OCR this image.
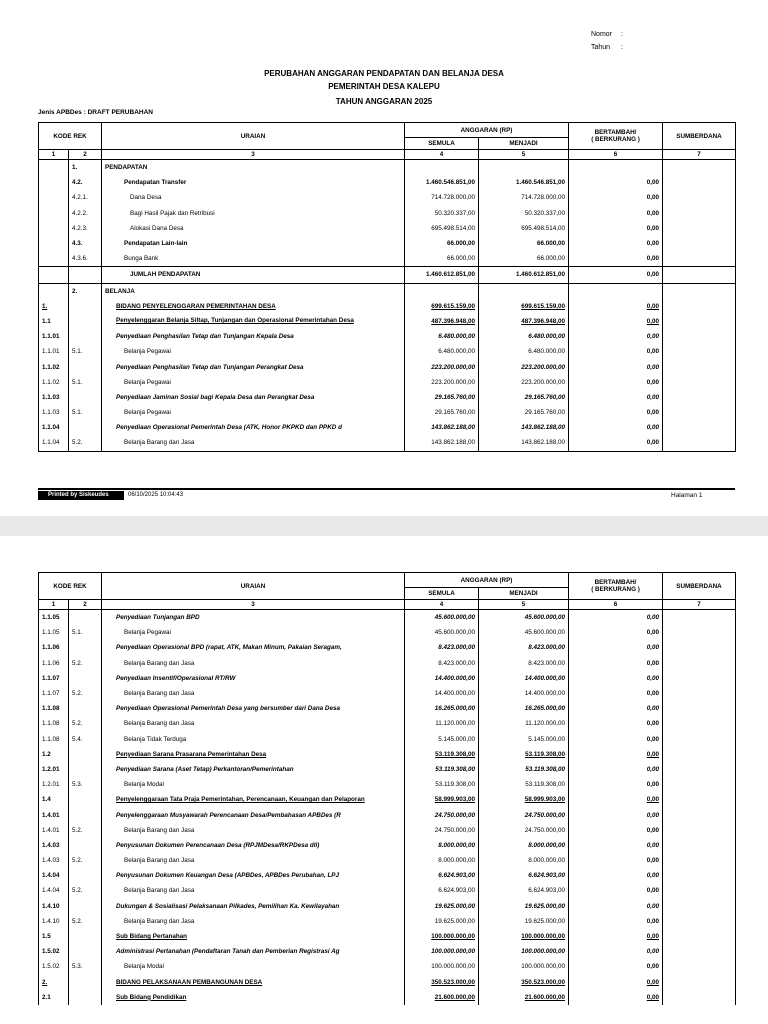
Nomor :
Tahun :
PERUBAHAN ANGGARAN PENDAPATAN DAN BELANJA DESA
PEMERINTAH DESA KALEPU
TAHUN ANGGARAN 2025
Jenis APBDes : DRAFT PERUBAHAN
KODE REK		URAIAN	ANGGARAN (RP)		BERTAMBAH/
( BERKURANG )	SUMBERDANA
			SEMULA	MENJADI		
1	2	3	4	5	6	7
	1.	PENDAPATAN				
	4.2.	Pendapatan Transfer	1.460.546.851,00	1.460.546.851,00	0,00	
	4.2.1.	Dana Desa	714.728.000,00	714.728.000,00	0,00	
	4.2.2.	Bagi Hasil Pajak dan Retribusi	50.320.337,00	50.320.337,00	0,00	
	4.2.3.	Alokasi Dana Desa	695.498.514,00	695.498.514,00	0,00	
	4.3.	Pendapatan Lain-lain	66.000,00	66.000,00	0,00	
	4.3.6.	Bunga Bank	66.000,00	66.000,00	0,00	
		JUMLAH PENDAPATAN	1.460.612.851,00	1.460.612.851,00	0,00	
	2.	BELANJA				
1.		BIDANG PENYELENGGARAN PEMERINTAHAN DESA	699.615.159,00	699.615.159,00	0,00	
1.1		Penyelenggaran Belanja Siltap, Tunjangan dan Operasional Pemerintahan Desa	487.396.948,00	487.396.948,00	0,00	
1.1.01		Penyediaan Penghasilan Tetap dan Tunjangan Kepala Desa	6.480.000,00	6.480.000,00	0,00	
1.1.01	5.1.	Belanja Pegawai	6.480.000,00	6.480.000,00	0,00	
1.1.02		Penyediaan Penghasilan Tetap dan Tunjangan Perangkat Desa	223.200.000,00	223.200.000,00	0,00	
1.1.02	5.1.	Belanja Pegawai	223.200.000,00	223.200.000,00	0,00	
1.1.03		Penyediaan Jaminan Sosial bagi Kepala Desa dan Perangkat Desa	29.165.760,00	29.165.760,00	0,00	
1.1.03	5.1.	Belanja Pegawai	29.165.760,00	29.165.760,00	0,00	
1.1.04		Penyediaan Operasional Pemerintah Desa (ATK, Honor PKPKD dan PPKD d	143.862.188,00	143.862.188,00	0,00	
1.1.04	5.2.	Belanja Barang dan Jasa	143.862.188,00	143.862.188,00	0,00	
Printed by Siskeudes	06/10/2025 10:04:43	Halaman 1
KODE REK		URAIAN	ANGGARAN (RP)		BERTAMBAH/
( BERKURANG )	SUMBERDANA
			SEMULA	MENJADI		
1	2	3	4	5	6	7
1.1.05		Penyediaan Tunjangan BPD	45.600.000,00	45.600.000,00	0,00	
1.1.05	5.1.	Belanja Pegawai	45.600.000,00	45.600.000,00	0,00	
1.1.06		Penyediaan Operasional BPD (rapat, ATK, Makan Minum, Pakaian Seragam,	8.423.000,00	8.423.000,00	0,00	
1.1.06	5.2.	Belanja Barang dan Jasa	8.423.000,00	8.423.000,00	0,00	
1.1.07		Penyediaan Insentif/Operasional RT/RW	14.400.000,00	14.400.000,00	0,00	
1.1.07	5.2.	Belanja Barang dan Jasa	14.400.000,00	14.400.000,00	0,00	
1.1.08		Penyediaan Operasional Pemerintah Desa yang bersumber dari Dana Desa	16.265.000,00	16.265.000,00	0,00	
1.1.08	5.2.	Belanja Barang dan Jasa	11.120.000,00	11.120.000,00	0,00	
1.1.08	5.4.	Belanja Tidak Terduga	5.145.000,00	5.145.000,00	0,00	
1.2		Penyediaan Sarana Prasarana Pemerintahan Desa	53.119.308,00	53.119.308,00	0,00	
1.2.01		Penyediaan Sarana (Aset Tetap) Perkantoran/Pemerintahan	53.119.308,00	53.119.308,00	0,00	
1.2.01	5.3.	Belanja Modal	53.119.308,00	53.119.308,00	0,00	
1.4		Penyelenggaraan Tata Praja Pemerintahan, Perencanaan, Keuangan dan Pelaporan	58.999.903,00	58.999.903,00	0,00	
1.4.01		Penyelenggaraan Musyawarah Perencanaan Desa/Pembahasan APBDes (R	24.750.000,00	24.750.000,00	0,00	
1.4.01	5.2.	Belanja Barang dan Jasa	24.750.000,00	24.750.000,00	0,00	
1.4.03		Penyusunan Dokumen Perencanaan Desa (RPJMDesa/RKPDesa dll)	8.000.000,00	8.000.000,00	0,00	
1.4.03	5.2.	Belanja Barang dan Jasa	8.000.000,00	8.000.000,00	0,00	
1.4.04		Penyusunan Dokumen Keuangan Desa (APBDes, APBDes Perubahan, LPJ	6.624.903,00	6.624.903,00	0,00	
1.4.04	5.2.	Belanja Barang dan Jasa	6.624.903,00	6.624.903,00	0,00	
1.4.10		Dukungan & Sosialisasi Pelaksanaan Pilkades, Pemilihan Ka. Kewilayahan	19.625.000,00	19.625.000,00	0,00	
1.4.10	5.2.	Belanja Barang dan Jasa	19.625.000,00	19.625.000,00	0,00	
1.5		Sub Bidang Pertanahan	100.000.000,00	100.000.000,00	0,00	
1.5.02		Administrasi Pertanahan (Pendaftaran Tanah dan Pemberian Registrasi Ag	100.000.000,00	100.000.000,00	0,00	
1.5.02	5.3.	Belanja Modal	100.000.000,00	100.000.000,00	0,00	
2.		BIDANG PELAKSANAAN PEMBANGUNAN DESA	350.523.000,00	350.523.000,00	0,00	
2.1		Sub Bidang Pendidikan	21.600.000,00	21.600.000,00	0,00	
